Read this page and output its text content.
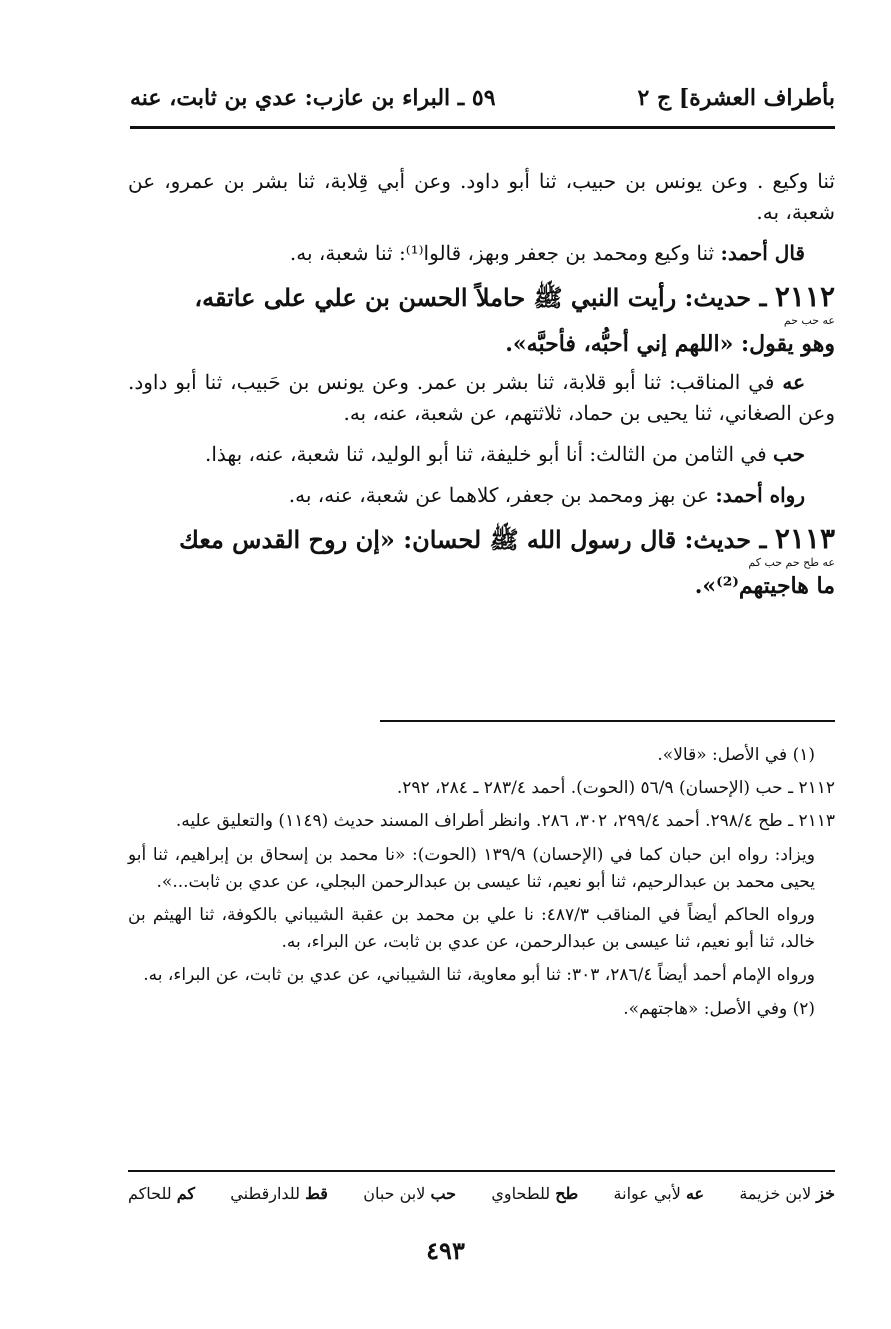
بأطراف العشرة] ج ٢
٥٩ ـ البراء بن عازب: عدي بن ثابت، عنه

ثنا وكيع . وعن يونس بن حبيب، ثنا أبو داود. وعن أبي قِلابة، ثنا بشر بن عمرو، عن شعبة، به.

قال أحمد: ثنا وكيع ومحمد بن جعفر وبهز، قالوا⁽¹⁾: ثنا شعبة، به.

٢١١٢ ـ حديث: رأيت النبي ﷺ حاملاً الحسن بن علي على عاتقه،
عه حب حم
وهو يقول: «اللهم إني أحبُّه، فأحبَّه».

عه في المناقب: ثنا أبو قلابة، ثنا بشر بن عمر. وعن يونس بن حَبيب، ثنا أبو داود. وعن الصغاني، ثنا يحيى بن حماد، ثلاثتهم، عن شعبة، عنه، به.

حب في الثامن من الثالث: أنا أبو خليفة، ثنا أبو الوليد، ثنا شعبة، عنه، بهذا.

رواه أحمد: عن بهز ومحمد بن جعفر، كلاهما عن شعبة، عنه، به.

٢١١٣ ـ حديث: قال رسول الله ﷺ لحسان: «إن روح القدس معك
عه طح حم حب كم
ما هاجيتهم⁽²⁾».

(١) في الأصل: «قالا».

٢١١٢ ـ حب (الإحسان) ٥٦/٩ (الحوت). أحمد ٢٨٣/٤ ـ ٢٨٤، ٢٩٢.

٢١١٣ ـ طح ٢٩٨/٤. أحمد ٢٩٩/٤، ٣٠٢، ٢٨٦. وانظر أطراف المسند حديث (١١٤٩) والتعليق عليه.

ويزاد: رواه ابن حبان كما في (الإحسان) ١٣٩/٩ (الحوت): «نا محمد بن إسحاق بن إبراهيم، ثنا أبو يحيى محمد بن عبدالرحيم، ثنا أبو نعيم، ثنا عيسى بن عبدالرحمن البجلي، عن عدي بن ثابت...».

ورواه الحاكم أيضاً في المناقب ٤٨٧/٣: نا علي بن محمد بن عقبة الشيباني بالكوفة، ثنا الهيثم بن خالد، ثنا أبو نعيم، ثنا عيسى بن عبدالرحمن، عن عدي بن ثابت، عن البراء، به.

ورواه الإمام أحمد أيضاً ٢٨٦/٤، ٣٠٣: ثنا أبو معاوية، ثنا الشيباني، عن عدي بن ثابت، عن البراء، به.

(٢) وفي الأصل: «هاجتهم».

خز لابن خزيمة
عه لأبي عوانة
طح للطحاوي
حب لابن حبان
قط للدارقطني
كم للحاكم
٤٩٣
